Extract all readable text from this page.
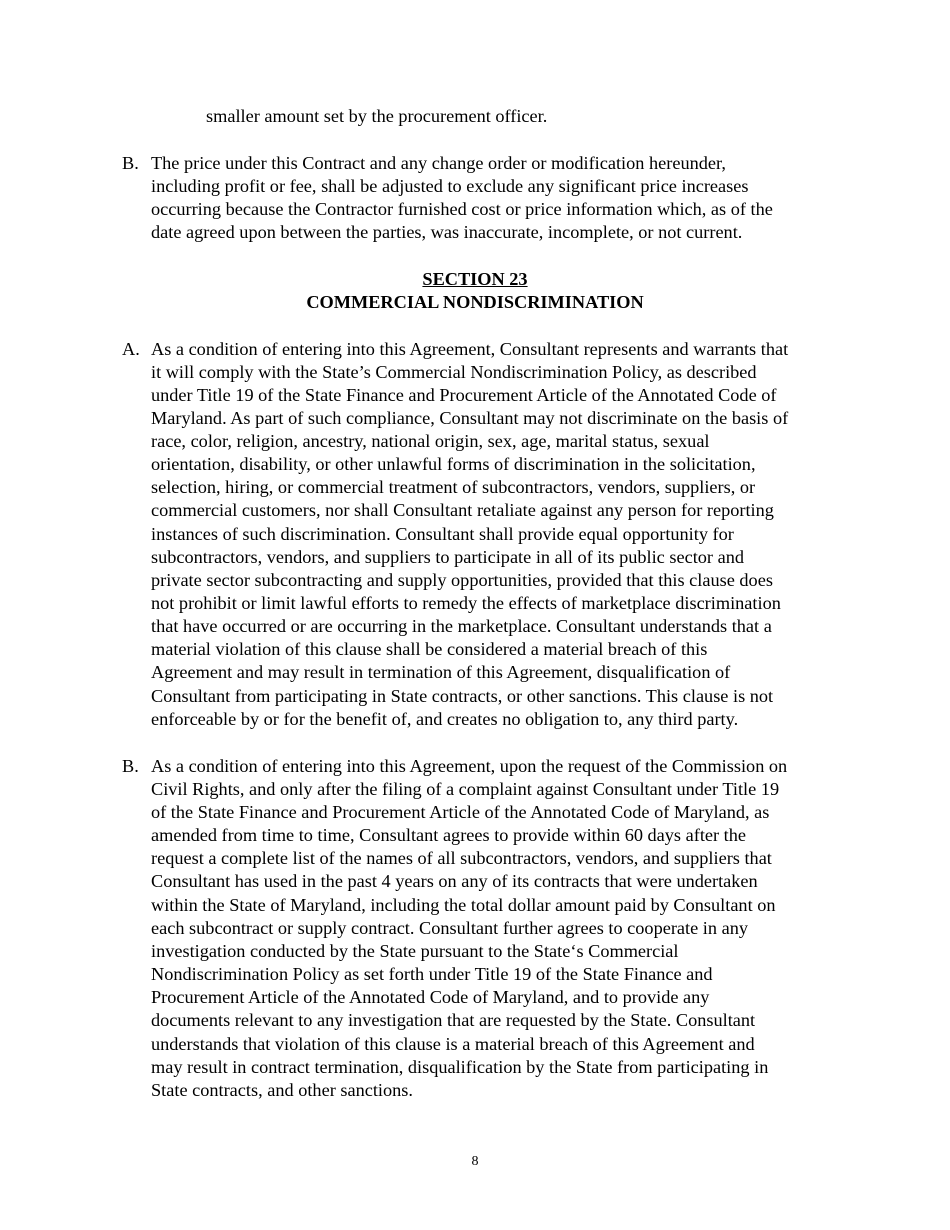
smaller amount set by the procurement officer.

B. The price under this Contract and any change order or modification hereunder,

including profit or fee, shall be adjusted to exclude any significant price increases

occurring because the Contractor furnished cost or price information which, as of the

date agreed upon between the parties, was inaccurate, incomplete, or not current.

SECTION 23

COMMERCIAL NONDISCRIMINATION

A. As a condition of entering into this Agreement, Consultant represents and warrants that

it will comply with the State’s Commercial Nondiscrimination Policy, as described

under Title 19 of the State Finance and Procurement Article of the Annotated Code of

Maryland. As part of such compliance, Consultant may not discriminate on the basis of

race, color, religion, ancestry, national origin, sex, age, marital status, sexual

orientation, disability, or other unlawful forms of discrimination in the solicitation,

selection, hiring, or commercial treatment of subcontractors, vendors, suppliers, or

commercial customers, nor shall Consultant retaliate against any person for reporting

instances of such discrimination. Consultant shall provide equal opportunity for

subcontractors, vendors, and suppliers to participate in all of its public sector and

private sector subcontracting and supply opportunities, provided that this clause does

not prohibit or limit lawful efforts to remedy the effects of marketplace discrimination

that have occurred or are occurring in the marketplace. Consultant understands that a

material violation of this clause shall be considered a material breach of this

Agreement and may result in termination of this Agreement, disqualification of

Consultant from participating in State contracts, or other sanctions. This clause is not

enforceable by or for the benefit of, and creates no obligation to, any third party.

B. As a condition of entering into this Agreement, upon the request of the Commission on

Civil Rights, and only after the filing of a complaint against Consultant under Title 19

of the State Finance and Procurement Article of the Annotated Code of Maryland, as

amended from time to time, Consultant agrees to provide within 60 days after the

request a complete list of the names of all subcontractors, vendors, and suppliers that

Consultant has used in the past 4 years on any of its contracts that were undertaken

within the State of Maryland, including the total dollar amount paid by Consultant on

each subcontract or supply contract. Consultant further agrees to cooperate in any

investigation conducted by the State pursuant to the State‘s Commercial

Nondiscrimination Policy as set forth under Title 19 of the State Finance and

Procurement Article of the Annotated Code of Maryland, and to provide any

documents relevant to any investigation that are requested by the State. Consultant

understands that violation of this clause is a material breach of this Agreement and

may result in contract termination, disqualification by the State from participating in

State contracts, and other sanctions.

8
